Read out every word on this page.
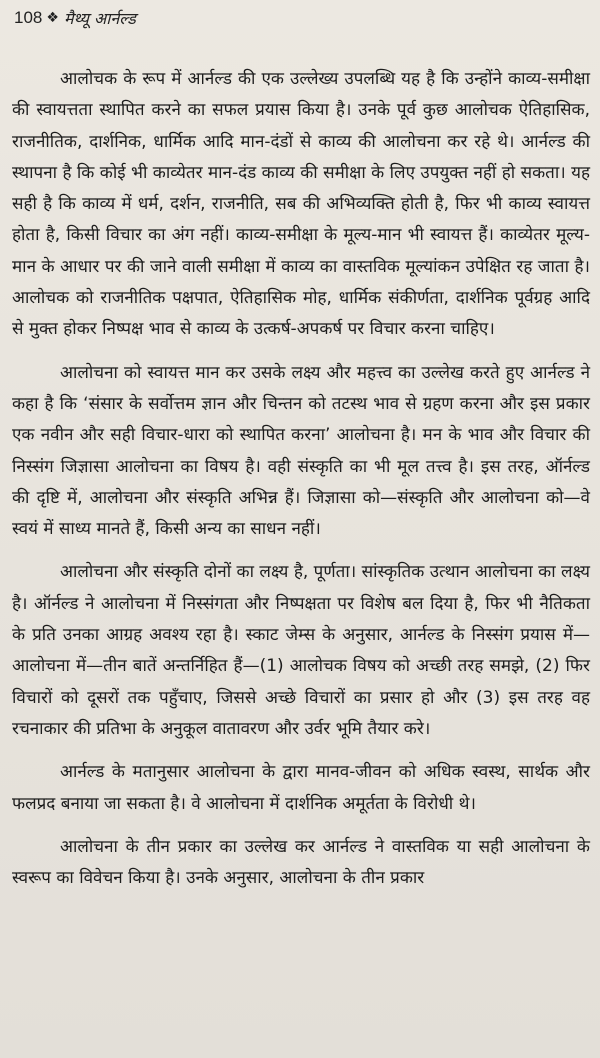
108 ❖ मैथ्यू आर्नल्ड

आलोचक के रूप में आर्नल्ड की एक उल्लेख्य उपलब्धि यह है कि उन्होंने काव्य-समीक्षा की स्वायत्तता स्थापित करने का सफल प्रयास किया है। उनके पूर्व कुछ आलोचक ऐतिहासिक, राजनीतिक, दार्शनिक, धार्मिक आदि मान-दंडों से काव्य की आलोचना कर रहे थे। आर्नल्ड की स्थापना है कि कोई भी काव्येतर मान-दंड काव्य की समीक्षा के लिए उपयुक्त नहीं हो सकता। यह सही है कि काव्य में धर्म, दर्शन, राजनीति, सब की अभिव्यक्ति होती है, फिर भी काव्य स्वायत्त होता है, किसी विचार का अंग नहीं। काव्य-समीक्षा के मूल्य-मान भी स्वायत्त हैं। काव्येतर मूल्य-मान के आधार पर की जाने वाली समीक्षा में काव्य का वास्तविक मूल्यांकन उपेक्षित रह जाता है। आलोचक को राजनीतिक पक्षपात, ऐतिहासिक मोह, धार्मिक संकीर्णता, दार्शनिक पूर्वग्रह आदि से मुक्त होकर निष्पक्ष भाव से काव्य के उत्कर्ष-अपकर्ष पर विचार करना चाहिए।

आलोचना को स्वायत्त मान कर उसके लक्ष्य और महत्त्व का उल्लेख करते हुए आर्नल्ड ने कहा है कि ‘संसार के सर्वोत्तम ज्ञान और चिन्तन को तटस्थ भाव से ग्रहण करना और इस प्रकार एक नवीन और सही विचार-धारा को स्थापित करना’ आलोचना है। मन के भाव और विचार की निस्संग जिज्ञासा आलोचना का विषय है। वही संस्कृति का भी मूल तत्त्व है। इस तरह, ऑर्नल्ड की दृष्टि में, आलोचना और संस्कृति अभिन्न हैं। जिज्ञासा को—संस्कृति और आलोचना को—वे स्वयं में साध्य मानते हैं, किसी अन्य का साधन नहीं।

आलोचना और संस्कृति दोनों का लक्ष्य है, पूर्णता। सांस्कृतिक उत्थान आलोचना का लक्ष्य है। ऑर्नल्ड ने आलोचना में निस्संगता और निष्पक्षता पर विशेष बल दिया है, फिर भी नैतिकता के प्रति उनका आग्रह अवश्य रहा है। स्काट जेम्स के अनुसार, आर्नल्ड के निस्संग प्रयास में—आलोचना में—तीन बातें अन्तर्निहित हैं—(1) आलोचक विषय को अच्छी तरह समझे, (2) फिर विचारों को दूसरों तक पहुँचाए, जिससे अच्छे विचारों का प्रसार हो और (3) इस तरह वह रचनाकार की प्रतिभा के अनुकूल वातावरण और उर्वर भूमि तैयार करे।

आर्नल्ड के मतानुसार आलोचना के द्वारा मानव-जीवन को अधिक स्वस्थ, सार्थक और फलप्रद बनाया जा सकता है। वे आलोचना में दार्शनिक अमूर्तता के विरोधी थे।

आलोचना के तीन प्रकार का उल्लेख कर आर्नल्ड ने वास्तविक या सही आलोचना के स्वरूप का विवेचन किया है। उनके अनुसार, आलोचना के तीन प्रकार
